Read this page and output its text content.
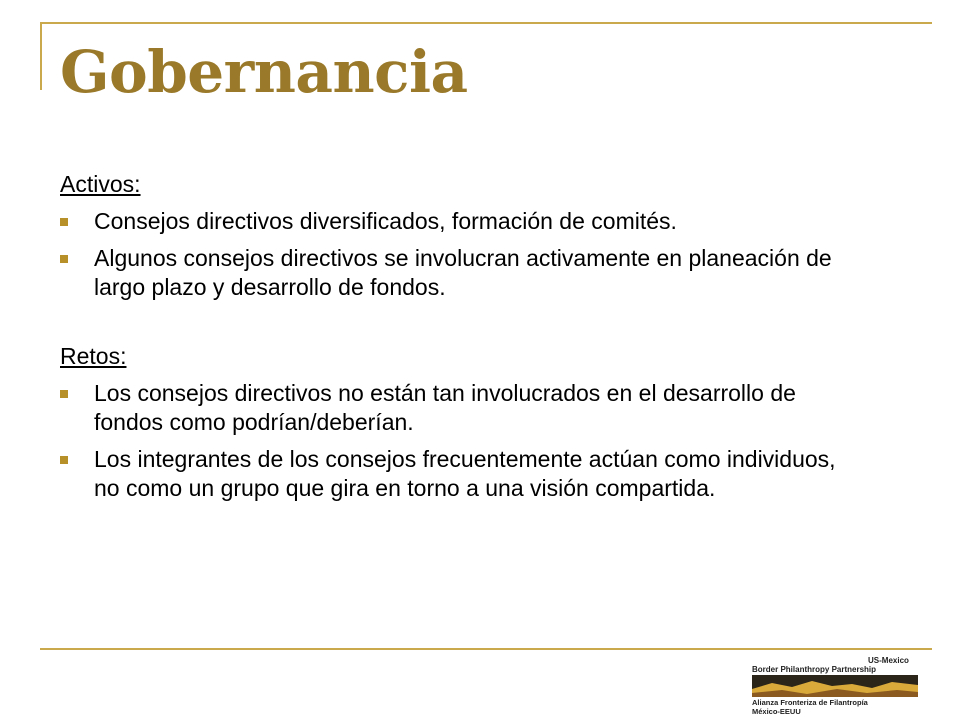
Gobernancia

Activos:

Consejos directivos diversificados, formación de comités.
Algunos consejos directivos se involucran activamente en planeación de largo plazo y desarrollo de fondos.

Retos:

Los consejos directivos no están tan involucrados en el desarrollo de fondos como podrían/deberían.
Los integrantes de los consejos frecuentemente actúan como individuos, no como un grupo que gira en torno a una visión compartida.
US-Mexico
Border Philanthropy Partnership
Alianza Fronteriza de Filantropía
México-EEUU
